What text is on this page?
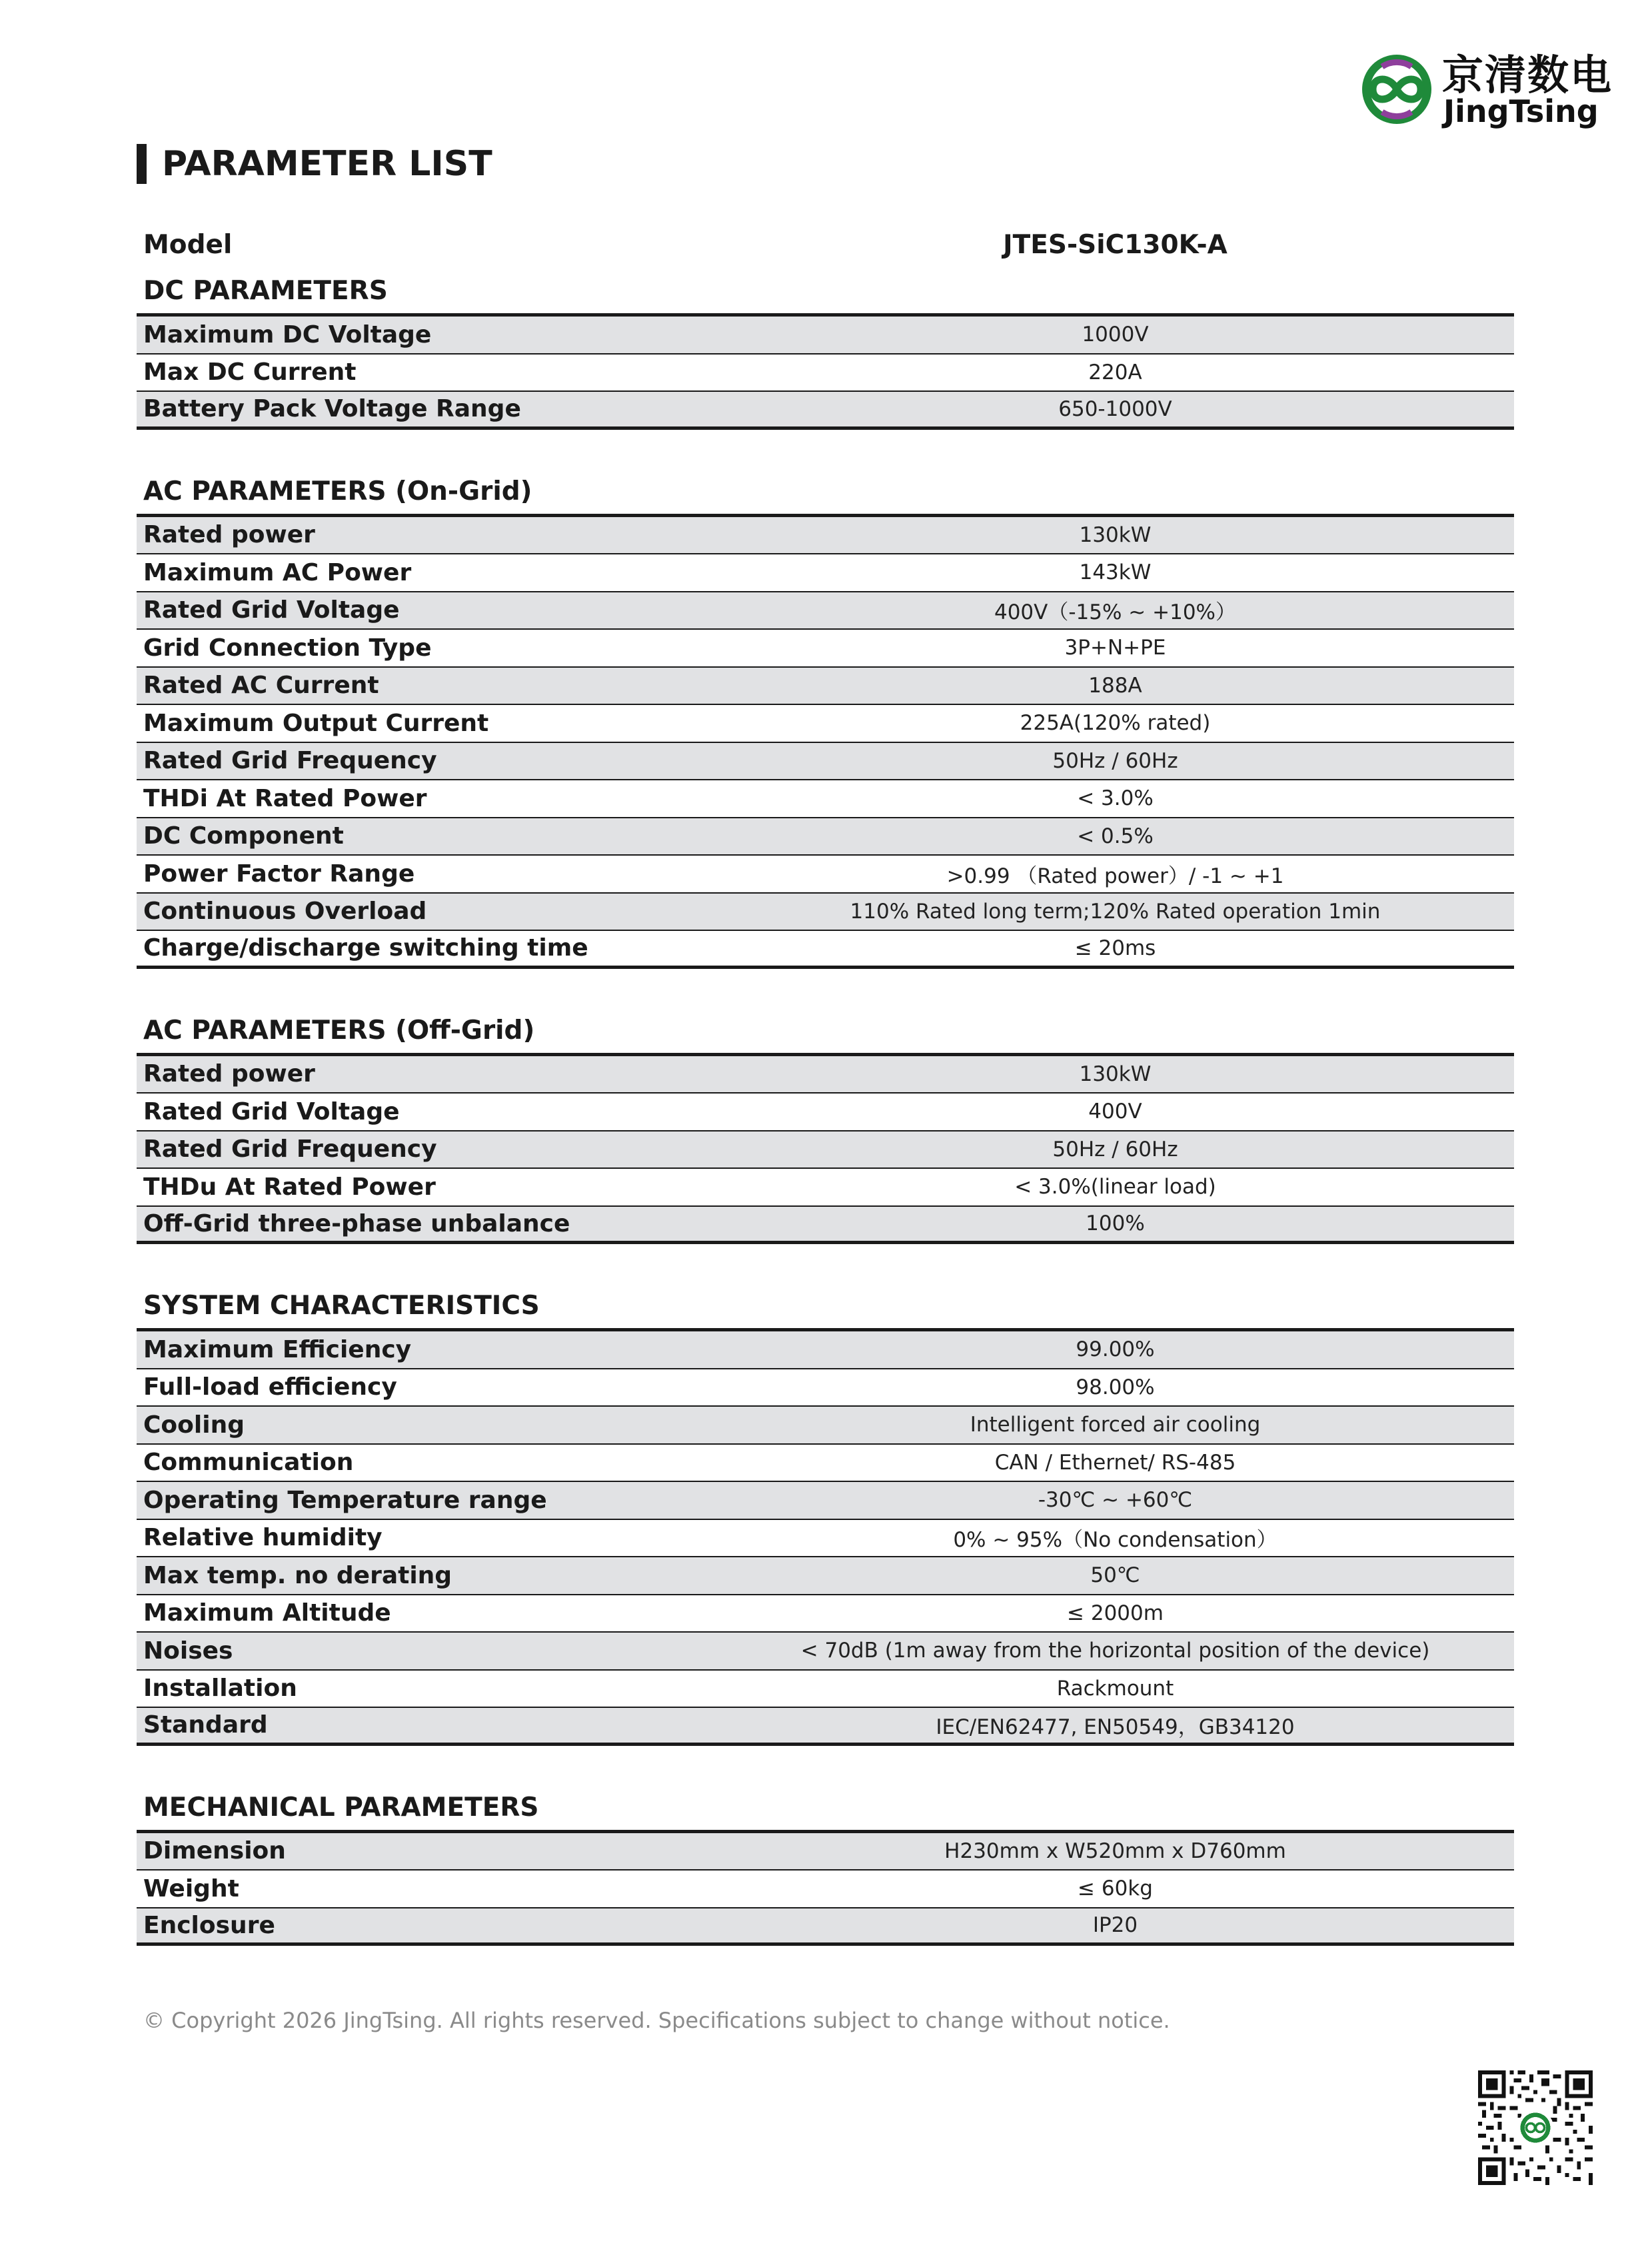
京清数电
JingTsing
PARAMETER LIST
Model	JTES-SiC130K-A
DC PARAMETERS
Maximum DC Voltage	1000V
Max DC Current	220A
Battery Pack Voltage Range	650-1000V
AC PARAMETERS (On-Grid)
Rated power	130kW
Maximum AC Power	143kW
Rated Grid Voltage	400V（-15% ~ +10%）
Grid Connection Type	3P+N+PE
Rated AC Current	188A
Maximum Output Current	225A(120% rated)
Rated Grid Frequency	50Hz / 60Hz
THDi At Rated Power	< 3.0%
DC Component	< 0.5%
Power Factor Range	>0.99 （Rated power）/ -1 ~ +1
Continuous Overload	110% Rated long term;120% Rated operation 1min
Charge/discharge switching time	≤ 20ms
AC PARAMETERS (Off-Grid)
Rated power	130kW
Rated Grid Voltage	400V
Rated Grid Frequency	50Hz / 60Hz
THDu At Rated Power	< 3.0%(linear load)
Off-Grid three-phase unbalance	100%
SYSTEM CHARACTERISTICS
Maximum Efficiency	99.00%
Full-load efficiency	98.00%
Cooling	Intelligent forced air cooling
Communication	CAN / Ethernet/ RS-485
Operating Temperature range	-30℃ ~ +60℃
Relative humidity	0% ~ 95%（No condensation）
Max temp. no derating	50℃
Maximum Altitude	≤ 2000m
Noises	< 70dB (1m away from the horizontal position of the device)
Installation	Rackmount
Standard	IEC/EN62477, EN50549，GB34120
MECHANICAL PARAMETERS
Dimension	H230mm x W520mm x D760mm
Weight	≤ 60kg
Enclosure	IP20
© Copyright 2026 JingTsing. All rights reserved. Specifications subject to change without notice.
